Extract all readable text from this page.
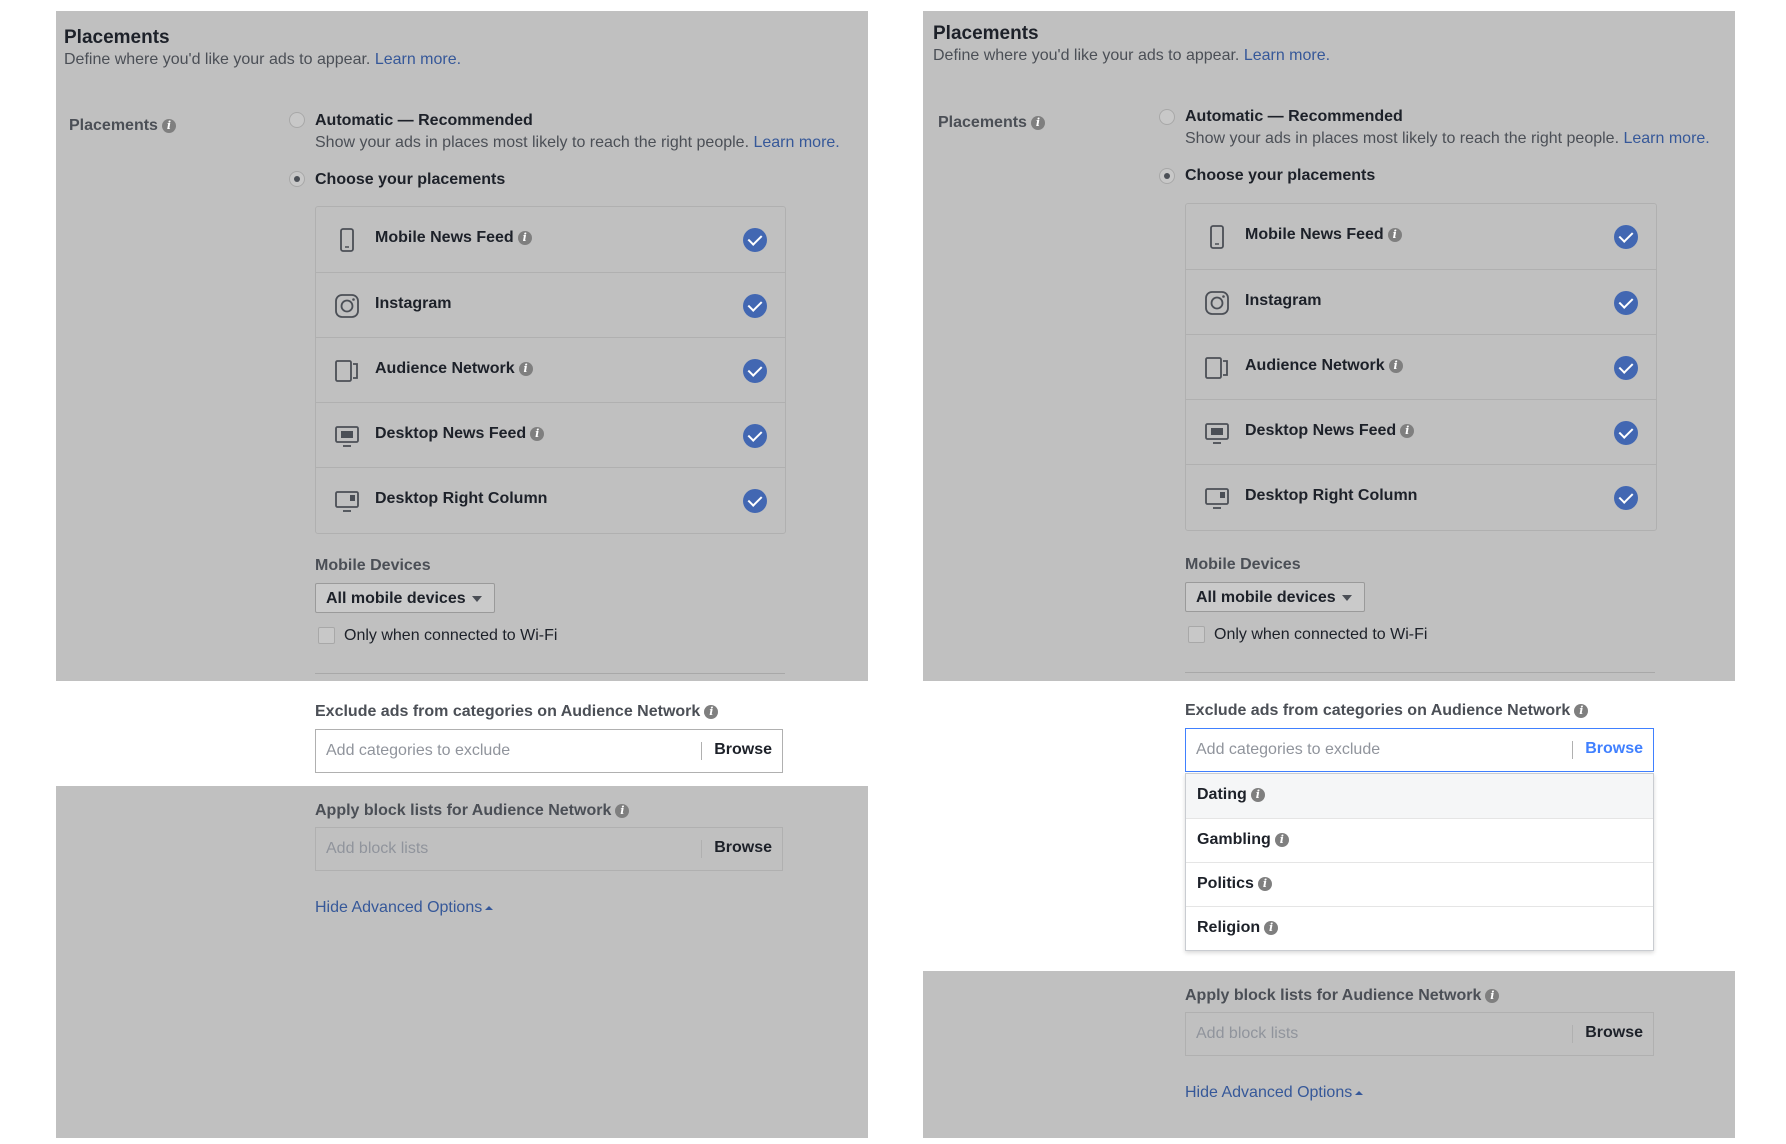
Placements
Define where you'd like your ads to appear. Learn more.
Placements i	Automatic — Recommended
Show your ads in places most likely to reach the right people. Learn more.
Choose your placements
Mobile News Feed i
Instagram
Audience Network i
Desktop News Feed i
Desktop Right Column
Mobile Devices
All mobile devices
Only when connected to Wi-Fi
Exclude ads from categories on Audience Network i
Add categories to exclude	Browse
Apply block lists for Audience Network i
Add block lists	Browse
Hide Advanced Options
Placements
Define where you'd like your ads to appear. Learn more.
Placements i	Automatic — Recommended
Show your ads in places most likely to reach the right people. Learn more.
Choose your placements
Mobile News Feed i
Instagram
Audience Network i
Desktop News Feed i
Desktop Right Column
Mobile Devices
All mobile devices
Only when connected to Wi-Fi
Exclude ads from categories on Audience Network i
Add categories to exclude	Browse
Dating i
Gambling i
Politics i
Religion i
Apply block lists for Audience Network i
Add block lists	Browse
Hide Advanced Options
